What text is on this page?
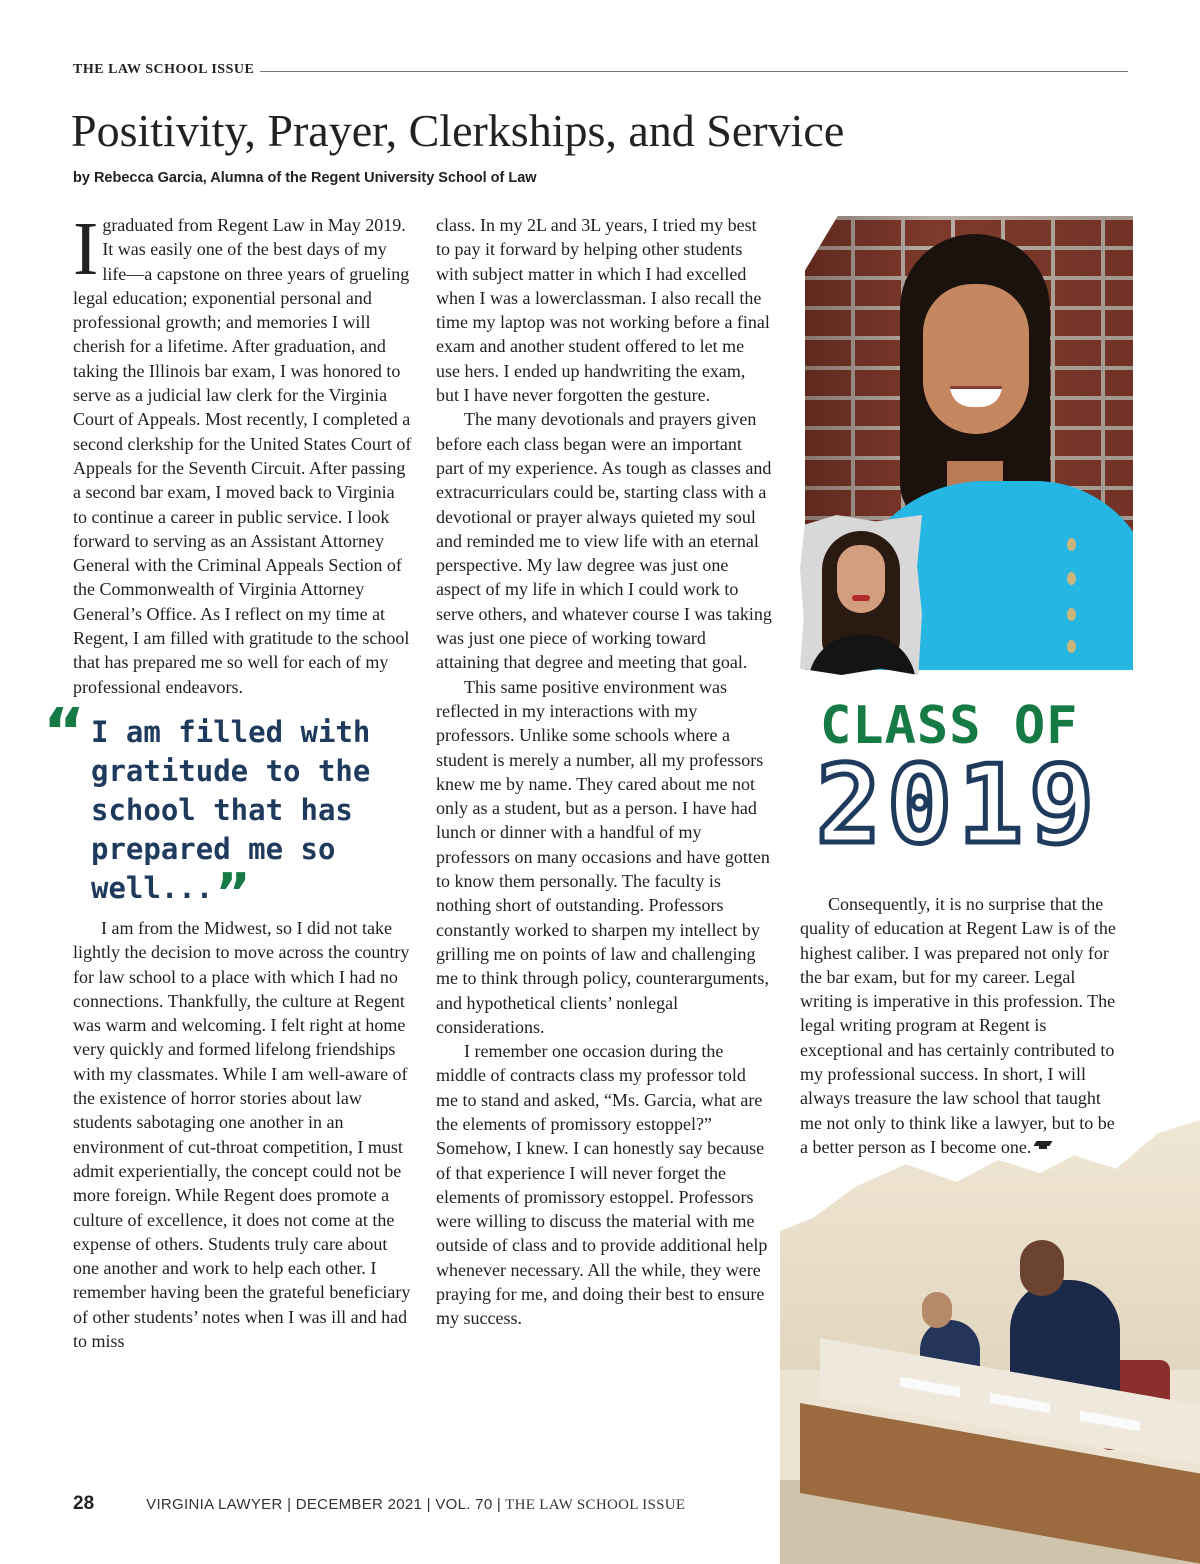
THE LAW SCHOOL ISSUE
Positivity, Prayer, Clerkships, and Service
by Rebecca Garcia, Alumna of the Regent University School of Law

Igraduated from Regent Law in May 2019. It was easily one of the best days of my life—a capstone on three years of grueling legal education; exponential personal and professional growth; and memories I will cherish for a lifetime. After graduation, and taking the Illinois bar exam, I was honored to serve as a judicial law clerk for the Virginia Court of Appeals. Most recently, I completed a second clerkship for the United States Court of Appeals for the Seventh Circuit. After passing a second bar exam, I moved back to Virginia to continue a career in public service. I look forward to serving as an Assistant Attorney General with the Criminal Appeals Section of the Commonwealth of Virginia Attorney General’s Office. As I reflect on my time at Regent, I am filled with gratitude to the school that has prepared me so well for each of my professional endeavors.

“ I am filled with gratitude to the school that has prepared me so well...”

I am from the Midwest, so I did not take lightly the decision to move across the country for law school to a place with which I had no connections. Thankfully, the culture at Regent was warm and welcoming. I felt right at home very quickly and formed lifelong friendships with my classmates. While I am well-aware of the existence of horror stories about law students sabotaging one another in an environment of cut-throat competition, I must admit experientially, the concept could not be more foreign. While Regent does promote a culture of excellence, it does not come at the expense of others. Students truly care about one another and work to help each other. I remember having been the grateful beneficiary of other students’ notes when I was ill and had to miss

class. In my 2L and 3L years, I tried my best to pay it forward by helping other students with subject matter in which I had excelled when I was a lowerclassman. I also recall the time my laptop was not working before a final exam and another student offered to let me use hers. I ended up handwriting the exam, but I have never forgotten the gesture.

The many devotionals and prayers given before each class began were an important part of my experience. As tough as classes and extracurriculars could be, starting class with a devotional or prayer always quieted my soul and reminded me to view life with an eternal perspective. My law degree was just one aspect of my life in which I could work to serve others, and whatever course I was taking was just one piece of working toward attaining that degree and meeting that goal.

This same positive environment was reflected in my interactions with my professors. Unlike some schools where a student is merely a number, all my professors knew me by name. They cared about me not only as a student, but as a person. I have had lunch or dinner with a handful of my professors on many occasions and have gotten to know them personally. The faculty is nothing short of outstanding. Professors constantly worked to sharpen my intellect by grilling me on points of law and challenging me to think through policy, counterarguments, and hypothetical clients’ nonlegal considerations.

I remember one occasion during the middle of contracts class my professor told me to stand and asked, “Ms. Garcia, what are the elements of promissory estoppel?” Somehow, I knew. I can honestly say because of that experience I will never forget the elements of promissory estoppel. Professors were willing to discuss the material with me outside of class and to provide additional help whenever necessary. All the while, they were praying for me, and doing their best to ensure my success.

CLASS OF
2019

Consequently, it is no surprise that the quality of education at Regent Law is of the highest caliber. I was prepared not only for the bar exam, but for my career. Legal writing is imperative in this profession. The legal writing program at Regent is exceptional and has certainly contributed to my professional success. In short, I will always treasure the law school that taught me not only to think like a lawyer, but to be a better person as I become one.

28	VIRGINIA LAWYER | DECEMBER 2021 | VOL. 70 | THE LAW SCHOOL ISSUE
